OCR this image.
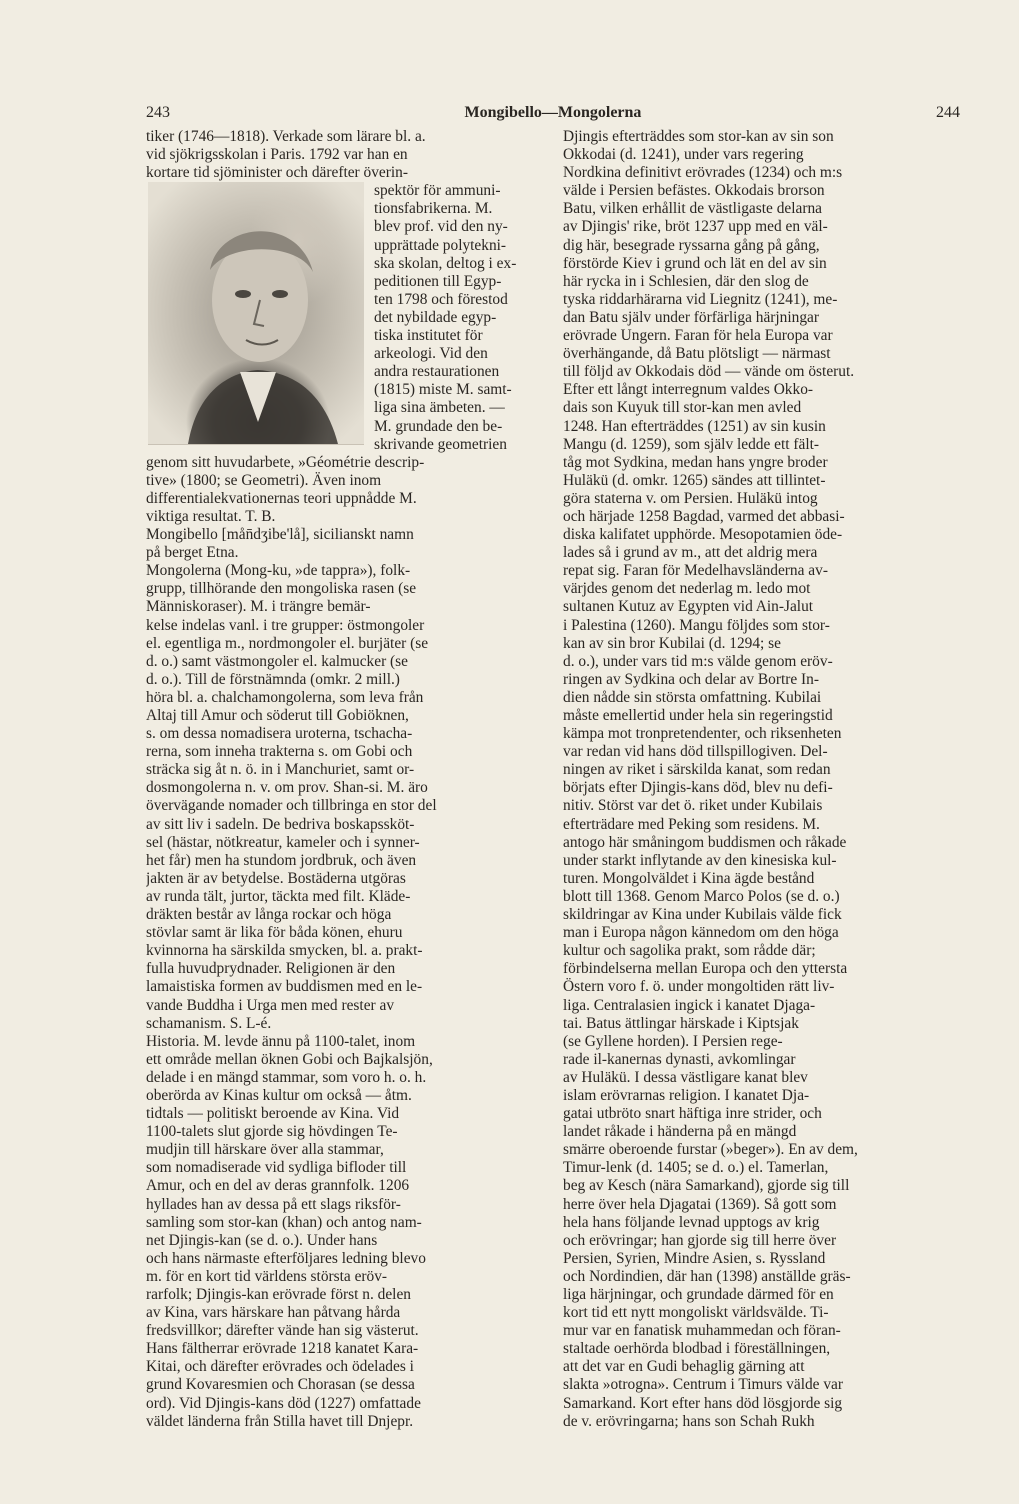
243	Mongibello—Mongolerna	244
tiker (1746—1818). Verkade som lärare bl. a.
vid sjökrigsskolan i Paris. 1792 var han en
kortare tid sjöminister och därefter överin-
spektör för ammuni-
tionsfabrikerna. M.
blev prof. vid den ny-
upprättade polytekni-
ska skolan, deltog i ex-
peditionen till Egyp-
ten 1798 och förestod
det nybildade egyp-
tiska institutet för
arkeologi. Vid den
andra restaurationen
(1815) miste M. samt-
liga sina ämbeten. —
M. grundade den be-
skrivande geometrien
genom sitt huvudarbete, »Géométrie descrip-
tive» (1800; se Geometri). Även inom
differentialekvationernas teori uppnådde M.
viktiga resultat. T. B.
Mongibello [mån̄dʒibe'lå], sicilianskt namn
på berget Etna.
Mongolerna (Mong-ku, »de tappra»), folk-
grupp, tillhörande den mongoliska rasen (se
Människoraser). M. i trängre bemär-
kelse indelas vanl. i tre grupper: östmongoler
el. egentliga m., nordmongoler el. burjäter (se
d. o.) samt västmongoler el. kalmucker (se
d. o.). Till de förstnämnda (omkr. 2 mill.)
höra bl. a. chalchamongolerna, som leva från
Altaj till Amur och söderut till Gobiöknen,
s. om dessa nomadisera uroterna, tschacha-
rerna, som inneha trakterna s. om Gobi och
sträcka sig åt n. ö. in i Manchuriet, samt or-
dosmongolerna n. v. om prov. Shan-si. M. äro
övervägande nomader och tillbringa en stor del
av sitt liv i sadeln. De bedriva boskapssköt-
sel (hästar, nötkreatur, kameler och i synner-
het får) men ha stundom jordbruk, och även
jakten är av betydelse. Bostäderna utgöras
av runda tält, jurtor, täckta med filt. Kläde-
dräkten består av långa rockar och höga
stövlar samt är lika för båda könen, ehuru
kvinnorna ha särskilda smycken, bl. a. prakt-
fulla huvudprydnader. Religionen är den
lamaistiska formen av buddismen med en le-
vande Buddha i Urga men med rester av
schamanism. S. L-é.
Historia. M. levde ännu på 1100-talet, inom
ett område mellan öknen Gobi och Bajkalsjön,
delade i en mängd stammar, som voro h. o. h.
oberörda av Kinas kultur om också — åtm.
tidtals — politiskt beroende av Kina. Vid
1100-talets slut gjorde sig hövdingen Te-
mudjin till härskare över alla stammar,
som nomadiserade vid sydliga bifloder till
Amur, och en del av deras grannfolk. 1206
hyllades han av dessa på ett slags riksför-
samling som stor-kan (khan) och antog nam-
net Djingis-kan (se d. o.). Under hans
och hans närmaste efterföljares ledning blevo
m. för en kort tid världens största eröv-
rarfolk; Djingis-kan erövrade först n. delen
av Kina, vars härskare han påtvang hårda
fredsvillkor; därefter vände han sig västerut.
Hans fältherrar erövrade 1218 kanatet Kara-
Kitai, och därefter erövrades och ödelades i
grund Kovaresmien och Chorasan (se dessa
ord). Vid Djingis-kans död (1227) omfattade
väldet länderna från Stilla havet till Dnjepr.
Djingis efterträddes som stor-kan av sin son
Okkodai (d. 1241), under vars regering
Nordkina definitivt erövrades (1234) och m:s
välde i Persien befästes. Okkodais brorson
Batu, vilken erhållit de västligaste delarna
av Djingis' rike, bröt 1237 upp med en väl-
dig här, besegrade ryssarna gång på gång,
förstörde Kiev i grund och lät en del av sin
här rycka in i Schlesien, där den slog de
tyska riddarhärarna vid Liegnitz (1241), me-
dan Batu själv under förfärliga härjningar
erövrade Ungern. Faran för hela Europa var
överhängande, då Batu plötsligt — närmast
till följd av Okkodais död — vände om österut.
Efter ett långt interregnum valdes Okko-
dais son Kuyuk till stor-kan men avled
1248. Han efterträddes (1251) av sin kusin
Mangu (d. 1259), som själv ledde ett fält-
tåg mot Sydkina, medan hans yngre broder
Huläkü (d. omkr. 1265) sändes att tillintet-
göra staterna v. om Persien. Huläkü intog
och härjade 1258 Bagdad, varmed det abbasi-
diska kalifatet upphörde. Mesopotamien öde-
lades så i grund av m., att det aldrig mera
repat sig. Faran för Medelhavsländerna av-
värjdes genom det nederlag m. ledo mot
sultanen Kutuz av Egypten vid Ain-Jalut
i Palestina (1260). Mangu följdes som stor-
kan av sin bror Kubilai (d. 1294; se
d. o.), under vars tid m:s välde genom eröv-
ringen av Sydkina och delar av Bortre In-
dien nådde sin största omfattning. Kubilai
måste emellertid under hela sin regeringstid
kämpa mot tronpretendenter, och riksenheten
var redan vid hans död tillspillogiven. Del-
ningen av riket i särskilda kanat, som redan
börjats efter Djingis-kans död, blev nu defi-
nitiv. Störst var det ö. riket under Kubilais
efterträdare med Peking som residens. M.
antogo här småningom buddismen och råkade
under starkt inflytande av den kinesiska kul-
turen. Mongolväldet i Kina ägde bestånd
blott till 1368. Genom Marco Polos (se d. o.)
skildringar av Kina under Kubilais välde fick
man i Europa någon kännedom om den höga
kultur och sagolika prakt, som rådde där;
förbindelserna mellan Europa och den yttersta
Östern voro f. ö. under mongoltiden rätt liv-
liga. Centralasien ingick i kanatet Djaga-
tai. Batus ättlingar härskade i Kiptsjak
(se Gyllene horden). I Persien rege-
rade il-kanernas dynasti, avkomlingar
av Huläkü. I dessa västligare kanat blev
islam erövrarnas religion. I kanatet Dja-
gatai utbröto snart häftiga inre strider, och
landet råkade i händerna på en mängd
smärre oberoende furstar (»beger»). En av dem,
Timur-lenk (d. 1405; se d. o.) el. Tamerlan,
beg av Kesch (nära Samarkand), gjorde sig till
herre över hela Djagatai (1369). Så gott som
hela hans följande levnad upptogs av krig
och erövringar; han gjorde sig till herre över
Persien, Syrien, Mindre Asien, s. Ryssland
och Nordindien, där han (1398) anställde gräs-
liga härjningar, och grundade därmed för en
kort tid ett nytt mongoliskt världsvälde. Ti-
mur var en fanatisk muhammedan och föran-
staltade oerhörda blodbad i föreställningen,
att det var en Gudi behaglig gärning att
slakta »otrogna». Centrum i Timurs välde var
Samarkand. Kort efter hans död lösgjorde sig
de v. erövringarna; hans son Schah Rukh
